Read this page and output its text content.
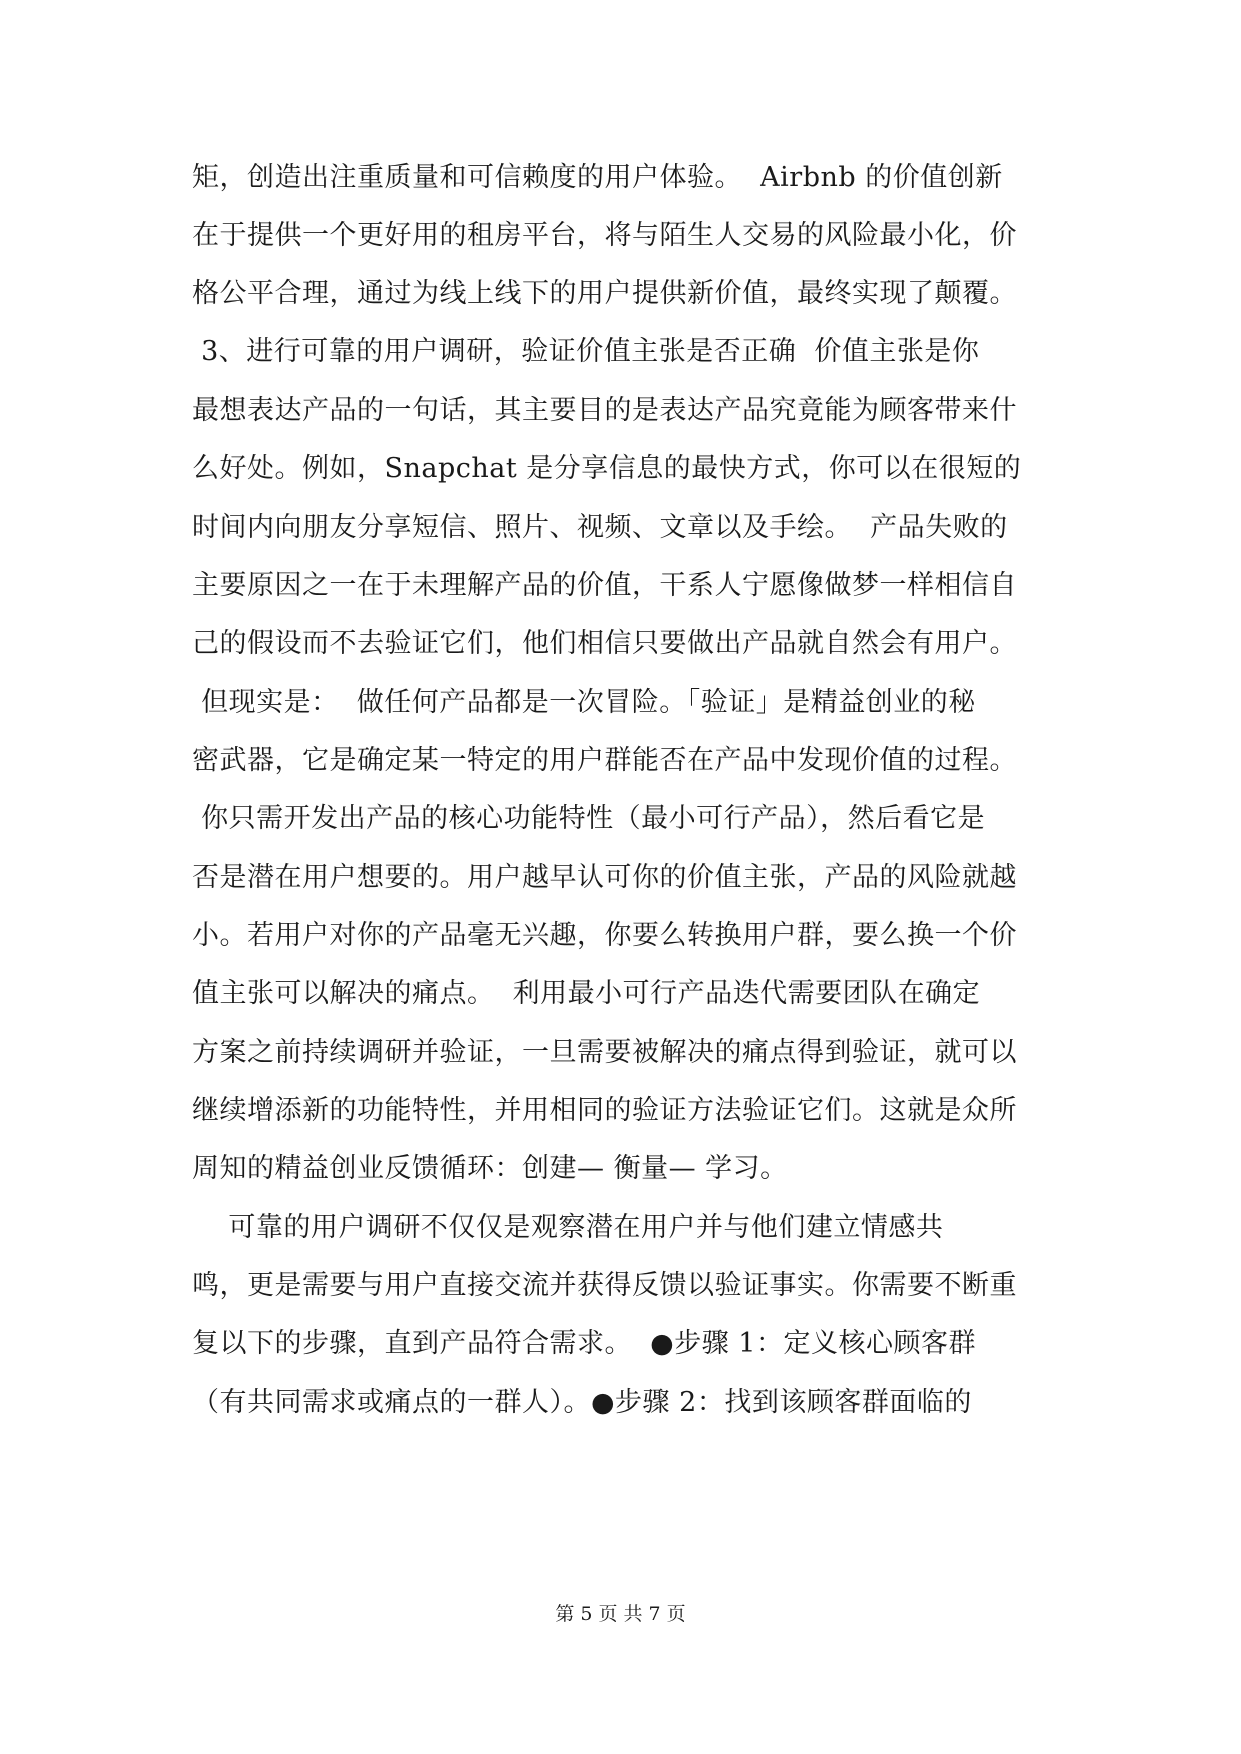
矩，创造出注重质量和可信赖度的用户体验。  Airbnb 的价值创新
在于提供一个更好用的租房平台，将与陌生人交易的风险最小化，价
格公平合理，通过为线上线下的用户提供新价值，最终实现了颠覆。
3、进行可靠的用户调研，验证价值主张是否正确  价值主张是你
最想表达产品的一句话，其主要目的是表达产品究竟能为顾客带来什
么好处。例如，Snapchat 是分享信息的最快方式，你可以在很短的
时间内向朋友分享短信、照片、视频、文章以及手绘。  产品失败的
主要原因之一在于未理解产品的价值，干系人宁愿像做梦一样相信自
己的假设而不去验证它们，他们相信只要做出产品就自然会有用户。
但现实是：  做任何产品都是一次冒险。「验证」是精益创业的秘
密武器，它是确定某一特定的用户群能否在产品中发现价值的过程。
你只需开发出产品的核心功能特性（最小可行产品），然后看它是
否是潜在用户想要的。用户越早认可你的价值主张，产品的风险就越
小。若用户对你的产品毫无兴趣，你要么转换用户群，要么换一个价
值主张可以解决的痛点。  利用最小可行产品迭代需要团队在确定
方案之前持续调研并验证，一旦需要被解决的痛点得到验证，就可以
继续增添新的功能特性，并用相同的验证方法验证它们。这就是众所
周知的精益创业反馈循环：创建— 衡量— 学习。
可靠的用户调研不仅仅是观察潜在用户并与他们建立情感共
鸣，更是需要与用户直接交流并获得反馈以验证事实。你需要不断重
复以下的步骤，直到产品符合需求。  ●步骤 1：定义核心顾客群
（有共同需求或痛点的一群人）。●步骤 2：找到该顾客群面临的
第 5 页 共 7 页
